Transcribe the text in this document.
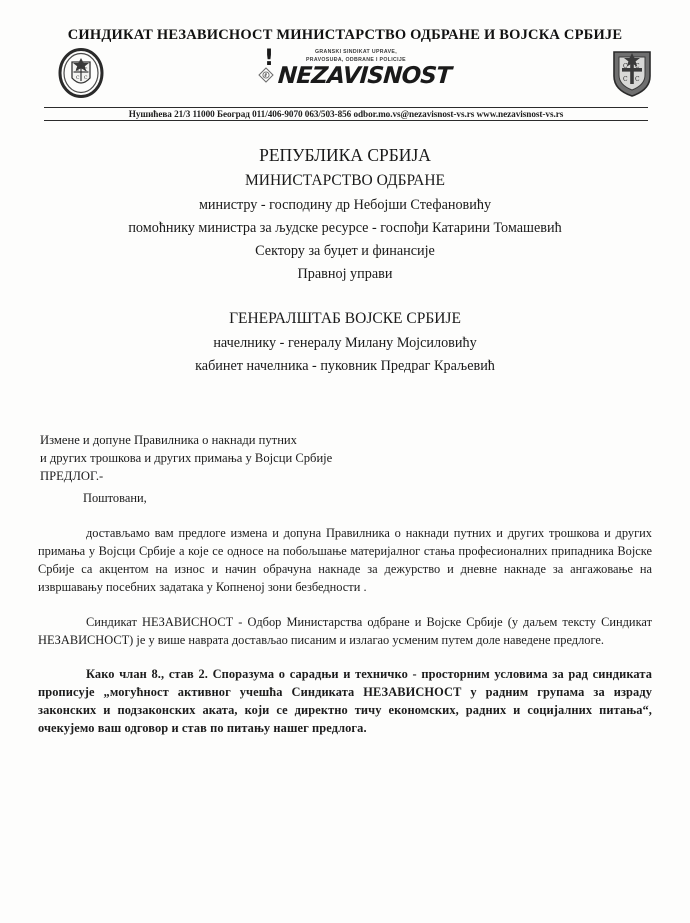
СИНДИКАТ НЕЗАВИСНОСТ МИНИСТАРСТВО ОДБРАНЕ И ВОЈСКА СРБИЈЕ
С С
С С
!	GRANSKI SINDIKAT UPRAVE,
PRAVOSUĐA, ODBRANE I POLICIJE
NEZAVISNOST	C C
C C
Нушићева 21/3 11000 Београд 011/406-9070 063/503-856 odbor.mo.vs@nezavisnost-vs.rs www.nezavisnost-vs.rs
РЕПУБЛИКА СРБИЈА
МИНИСТАРСТВО ОДБРАНЕ
министру - господину др Небојши Стефановићу
помоћнику министра за људске ресурсе - госпођи Катарини Томашевић
Сектору за буџет и финансије
Правној управи
ГЕНЕРАЛШТАБ ВОЈСКЕ СРБИЈЕ
начелнику - генералу Милану Мојсиловићу
кабинет начелника - пуковник Предраг Краљевић
Измене и допуне Правилника о накнади путних
и других трошкова и других примања у Војсци Србије
ПРЕДЛОГ.-
Поштовани,

достављамо вам предлоге измена и допуна Правилника о накнади путних и других трошкова и других примања у Војсци Србије а које се односе на побољшање материјалног стања професионалних припадника Војске Србије са акцентом на износ и начин обрачуна накнаде за дежурство и дневне накнаде за ангажовање на извршавању посебних задатака у Копненој зони безбедности .

Синдикат НЕЗАВИСНОСТ - Одбор Министарства одбране и Војске Србије (у даљем тексту Синдикат НЕЗАВИСНОСТ) је у више наврата достављао писаним и излагао усменим путем доле наведене предлоге.

Како члан 8., став 2. Споразума о сарадњи и техничко - просторним условима за рад синдиката прописује „могућност активног учешћа Синдиката НЕЗАВИСНОСТ у радним групама за израду законских и подзаконских аката, који се директно тичу економских, радних и социјалних питања“, очекујемо ваш одговор и став по питању нашег предлога.
